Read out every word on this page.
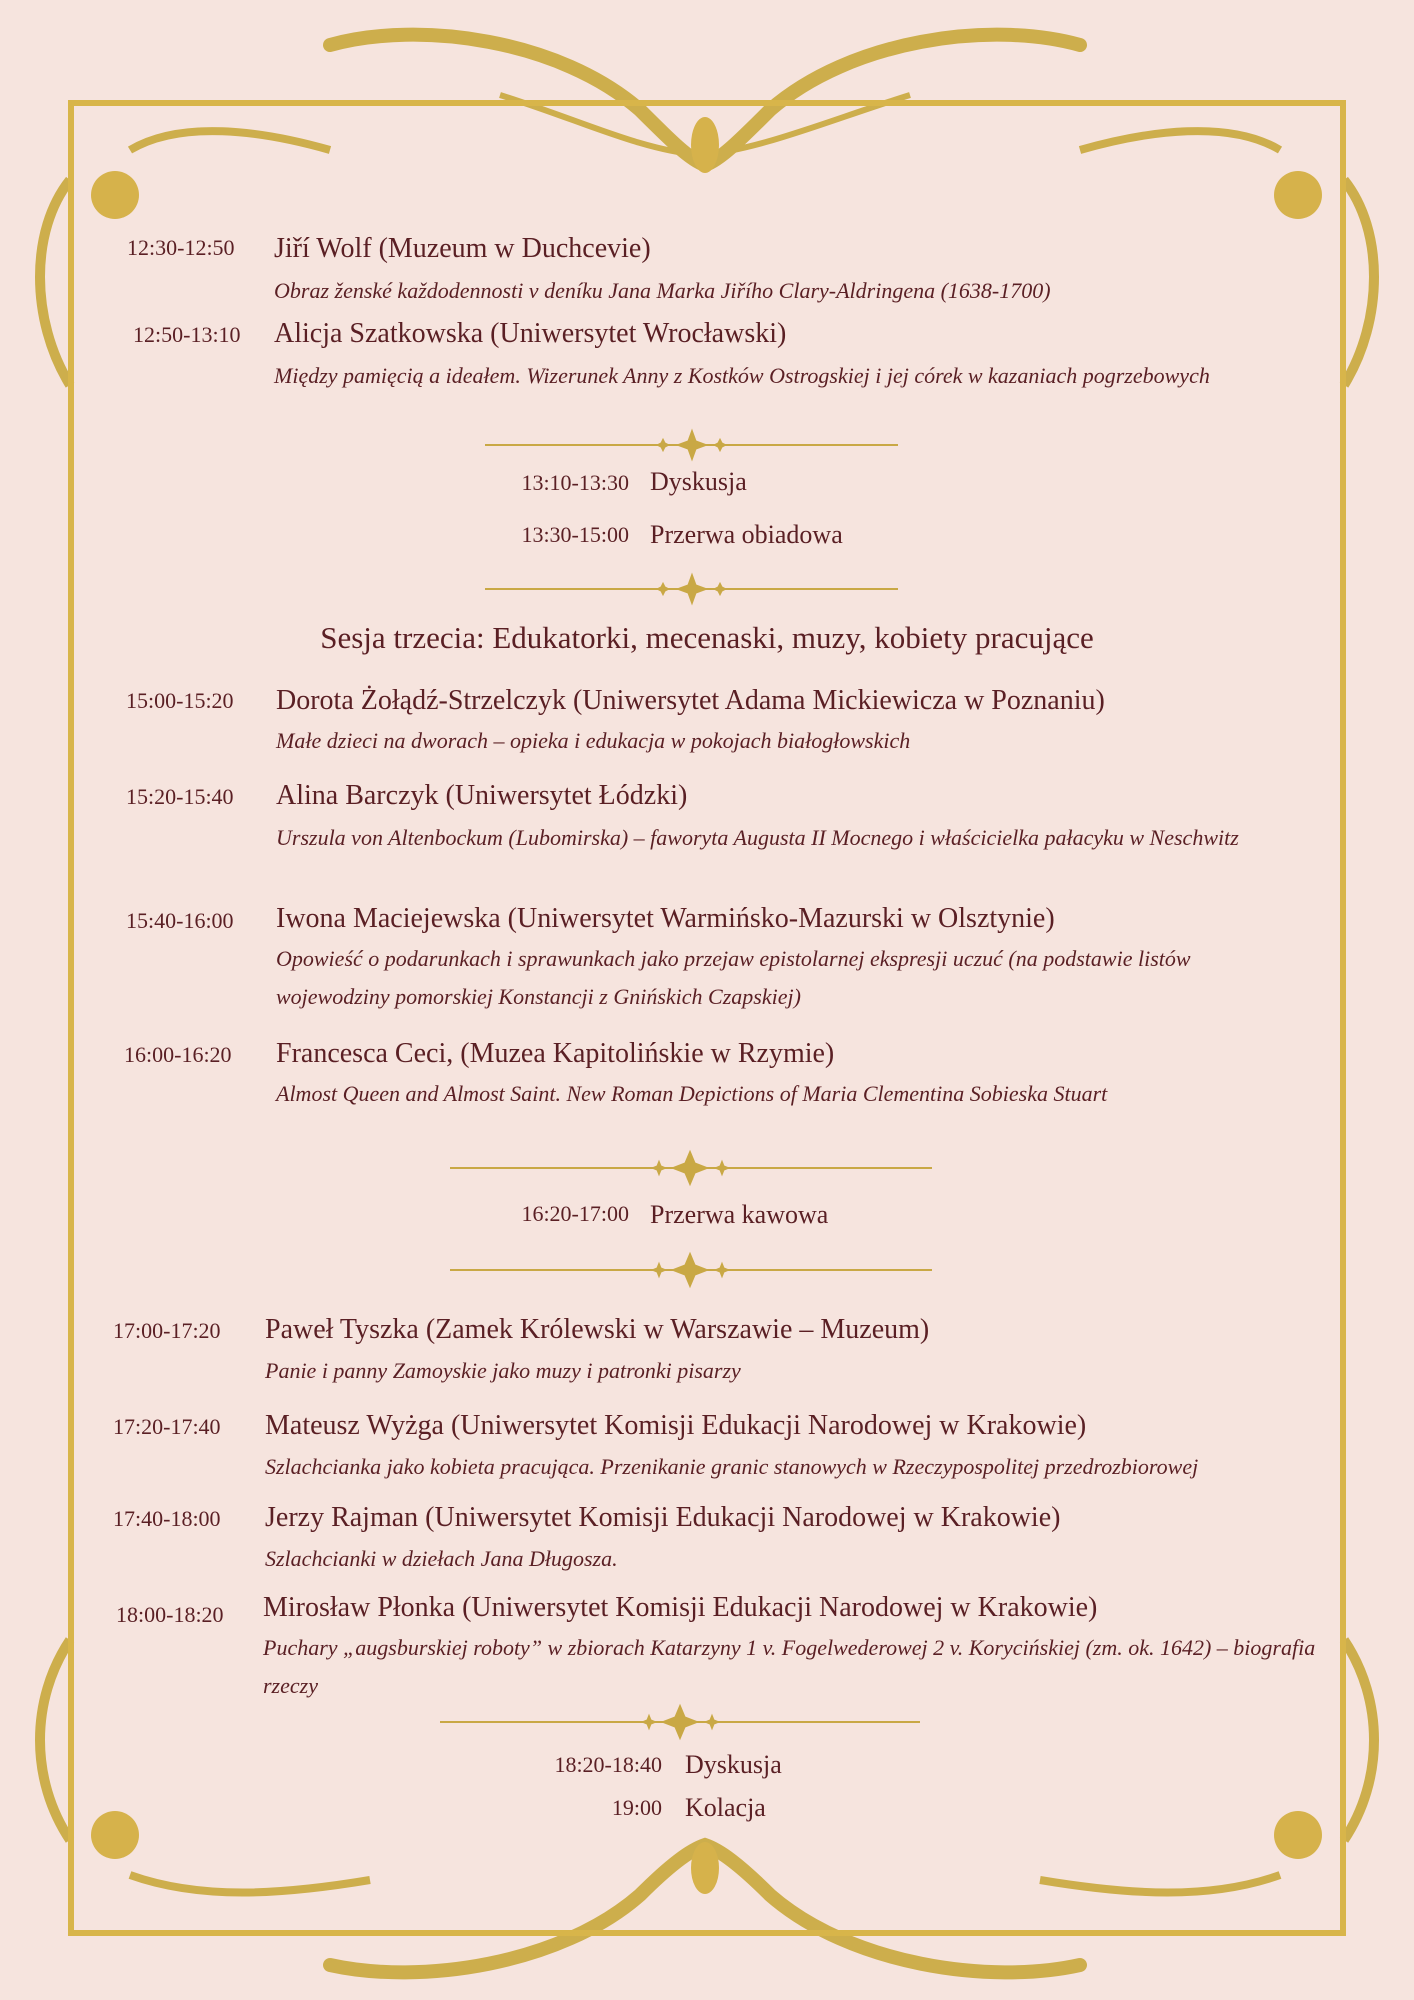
12:30-12:50 Jiří Wolf (Muzeum w Duchcevie)
Obraz ženské každodennosti v deníku Jana Marka Jiřího Clary-Aldringena (1638-1700)
12:50-13:10 Alicja Szatkowska (Uniwersytet Wrocławski)
Między pamięcią a ideałem. Wizerunek Anny z Kostków Ostrogskiej i jej córek w kazaniach pogrzebowych
13:10-13:30 Dyskusja
13:30-15:00 Przerwa obiadowa
Sesja trzecia: Edukatorki, mecenaski, muzy, kobiety pracujące
15:00-15:20 Dorota Żołądź-Strzelczyk (Uniwersytet Adama Mickiewicza w Poznaniu)
Małe dzieci na dworach – opieka i edukacja w pokojach białogłowskich
15:20-15:40 Alina Barczyk (Uniwersytet Łódzki)
Urszula von Altenbockum (Lubomirska) – faworyta Augusta II Mocnego i właścicielka pałacyku w Neschwitz
15:40-16:00 Iwona Maciejewska (Uniwersytet Warmińsko-Mazurski w Olsztynie)
Opowieść o podarunkach i sprawunkach jako przejaw epistolarnej ekspresji uczuć (na podstawie listów wojewodziny pomorskiej Konstancji z Gnińskich Czapskiej)
16:00-16:20 Francesca Ceci, (Muzea Kapitolińskie w Rzymie)
Almost Queen and Almost Saint. New Roman Depictions of Maria Clementina Sobieska Stuart
16:20-17:00 Przerwa kawowa
17:00-17:20 Paweł Tyszka (Zamek Królewski w Warszawie – Muzeum)
Panie i panny Zamoyskie jako muzy i patronki pisarzy
17:20-17:40 Mateusz Wyżga (Uniwersytet Komisji Edukacji Narodowej w Krakowie)
Szlachcianka jako kobieta pracująca. Przenikanie granic stanowych w Rzeczypospolitej przedrozbiorowej
17:40-18:00 Jerzy Rajman (Uniwersytet Komisji Edukacji Narodowej w Krakowie)
Szlachcianki w dziełach Jana Długosza.
18:00-18:20 Mirosław Płonka (Uniwersytet Komisji Edukacji Narodowej w Krakowie)
Puchary „augsburskiej roboty” w zbiorach Katarzyny 1 v. Fogelwederowej 2 v. Korycińskiej (zm. ok. 1642) – biografia rzeczy
18:20-18:40 Dyskusja
19:00 Kolacja
